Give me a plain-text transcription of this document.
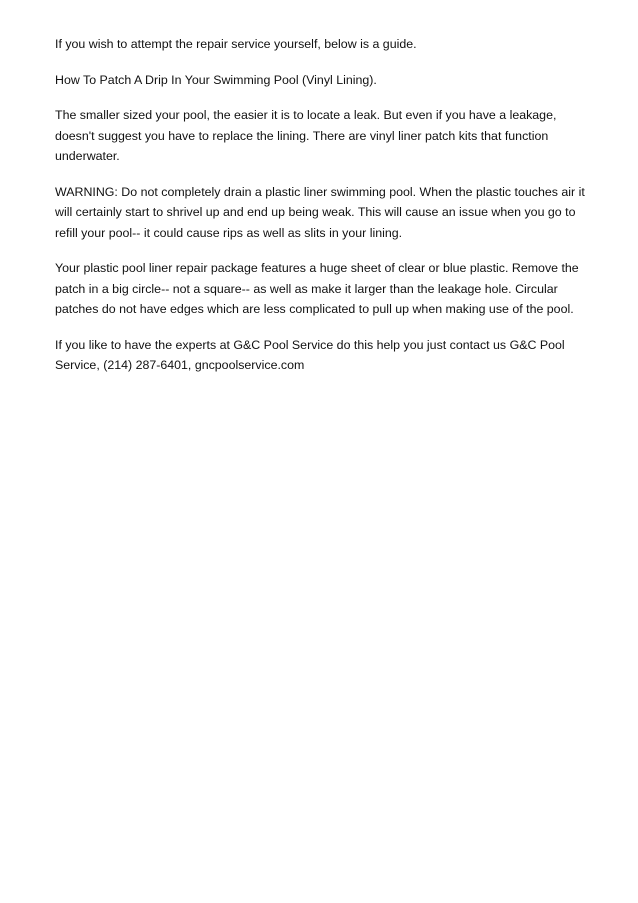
If you wish to attempt the repair service yourself, below is a guide.

How To Patch A Drip In Your Swimming Pool (Vinyl Lining).

The smaller sized your pool, the easier it is to locate a leak. But even if you have a leakage, doesn't suggest you have to replace the lining. There are vinyl liner patch kits that function underwater.

WARNING: Do not completely drain a plastic liner swimming pool. When the plastic touches air it will certainly start to shrivel up and end up being weak. This will cause an issue when you go to refill your pool-- it could cause rips as well as slits in your lining.

Your plastic pool liner repair package features a huge sheet of clear or blue plastic. Remove the patch in a big circle-- not a square-- as well as make it larger than the leakage hole. Circular patches do not have edges which are less complicated to pull up when making use of the pool.

If you like to have the experts at G&C Pool Service do this help you just contact us G&C Pool Service, (214) 287-6401, gncpoolservice.com
